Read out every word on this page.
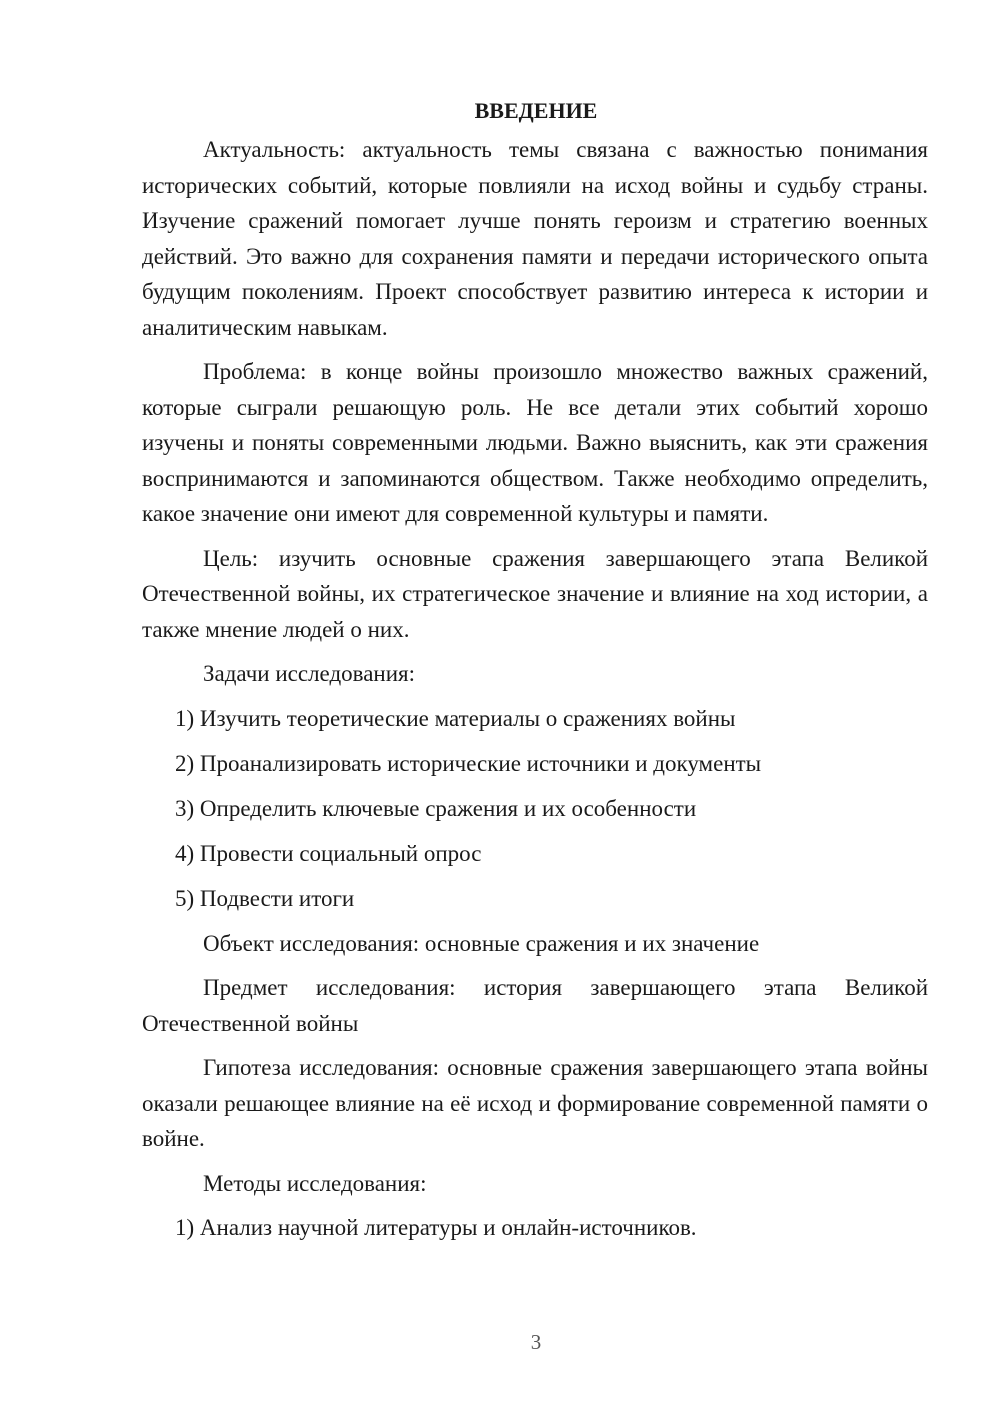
ВВЕДЕНИЕ

Актуальность: актуальность темы связана с важностью понимания исторических событий, которые повлияли на исход войны и судьбу страны. Изучение сражений помогает лучше понять героизм и стратегию военных действий. Это важно для сохранения памяти и передачи исторического опыта будущим поколениям. Проект способствует развитию интереса к истории и аналитическим навыкам.

Проблема: в конце войны произошло множество важных сражений, которые сыграли решающую роль. Не все детали этих событий хорошо изучены и поняты современными людьми. Важно выяснить, как эти сражения воспринимаются и запоминаются обществом. Также необходимо определить, какое значение они имеют для современной культуры и памяти.

Цель: изучить основные сражения завершающего этапа Великой Отечественной войны, их стратегическое значение и влияние на ход истории, а также мнение людей о них.

Задачи исследования:

1) Изучить теоретические материалы о сражениях войны

2) Проанализировать исторические источники и документы

3) Определить ключевые сражения и их особенности

4) Провести социальный опрос

5) Подвести итоги

Объект исследования: основные сражения и их значение

Предмет исследования: история завершающего этапа Великой Отечественной войны

Гипотеза исследования: основные сражения завершающего этапа войны оказали решающее влияние на её исход и формирование современной памяти о войне.

Методы исследования:

1) Анализ научной литературы и онлайн-источников.

3
